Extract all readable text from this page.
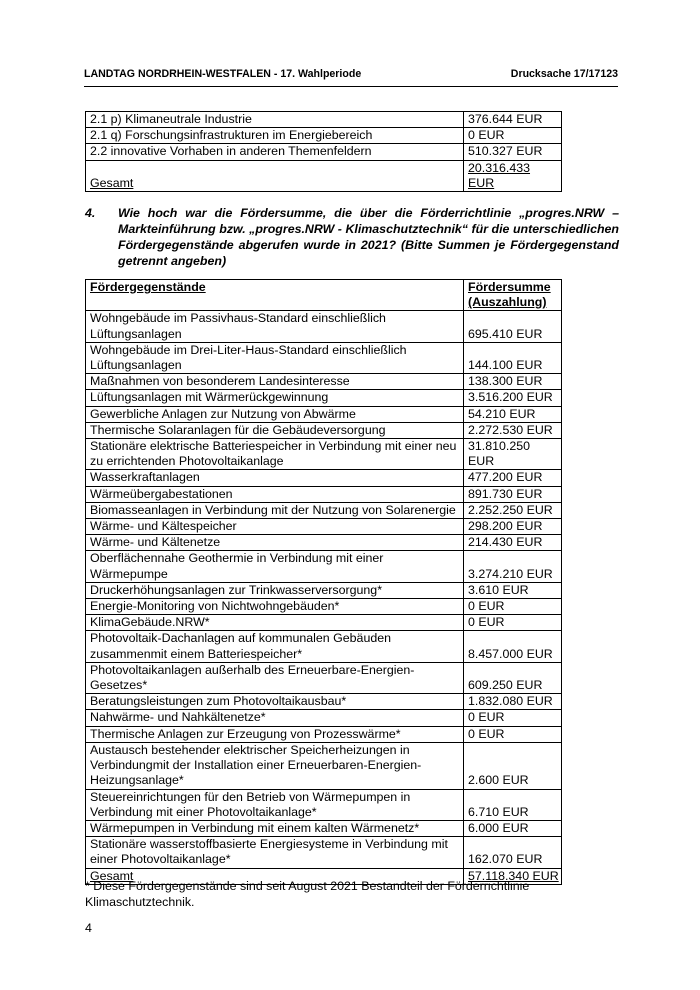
LANDTAG NORDRHEIN-WESTFALEN - 17. Wahlperiode	Drucksache 17/17123
2.1 p) Klimaneutrale Industrie	376.644 EUR
2.1 q) Forschungsinfrastrukturen im Energiebereich	0 EUR
2.2 innovative Vorhaben in anderen Themenfeldern	510.327 EUR
Gesamt	20.316.433 EUR
4. Wie hoch war die Fördersumme, die über die Förderrichtlinie „progres.NRW – Markteinführung bzw. „progres.NRW - Klimaschutztechnik“ für die unterschiedlichen Fördergegenstände abgerufen wurde in 2021? (Bitte Summen je Fördergegenstand getrennt angeben)
Fördergegenstände	Fördersumme (Auszahlung)
Wohngebäude im Passivhaus-Standard einschließlich Lüftungsanlagen	695.410 EUR
Wohngebäude im Drei-Liter-Haus-Standard einschließlich Lüftungsanlagen	144.100 EUR
Maßnahmen von besonderem Landesinteresse	138.300 EUR
Lüftungsanlagen mit Wärmerückgewinnung	3.516.200 EUR
Gewerbliche Anlagen zur Nutzung von Abwärme	54.210 EUR
Thermische Solaranlagen für die Gebäudeversorgung	2.272.530 EUR
Stationäre elektrische Batteriespeicher in Verbindung mit einer neu zu errichtenden Photovoltaikanlage	31.810.250 EUR
Wasserkraftanlagen	477.200 EUR
Wärmeübergabestationen	891.730 EUR
Biomasseanlagen in Verbindung mit der Nutzung von Solarenergie	2.252.250 EUR
Wärme- und Kältespeicher	298.200 EUR
Wärme- und Kältenetze	214.430 EUR
Oberflächennahe Geothermie in Verbindung mit einer Wärmepumpe	3.274.210 EUR
Druckerhöhungsanlagen zur Trinkwasserversorgung*	3.610 EUR
Energie-Monitoring von Nichtwohngebäuden*	0 EUR
KlimaGebäude.NRW*	0 EUR
Photovoltaik-Dachanlagen auf kommunalen Gebäuden zusammenmit einem Batteriespeicher*	8.457.000 EUR
Photovoltaikanlagen außerhalb des Erneuerbare-Energien-Gesetzes*	609.250 EUR
Beratungsleistungen zum Photovoltaikausbau*	1.832.080 EUR
Nahwärme- und Nahkältenetze*	0 EUR
Thermische Anlagen zur Erzeugung von Prozesswärme*	0 EUR
Austausch bestehender elektrischer Speicherheizungen in Verbindungmit der Installation einer Erneuerbaren-Energien-Heizungsanlage*	2.600 EUR
Steuereinrichtungen für den Betrieb von Wärmepumpen in Verbindung mit einer Photovoltaikanlage*	6.710 EUR
Wärmepumpen in Verbindung mit einem kalten Wärmenetz*	6.000 EUR
Stationäre wasserstoffbasierte Energiesysteme in Verbindung mit einer Photovoltaikanlage*	162.070 EUR
Gesamt	57.118.340 EUR
* Diese Fördergegenstände sind seit August 2021 Bestandteil der Förderrichtlinie Klimaschutztechnik.
4
